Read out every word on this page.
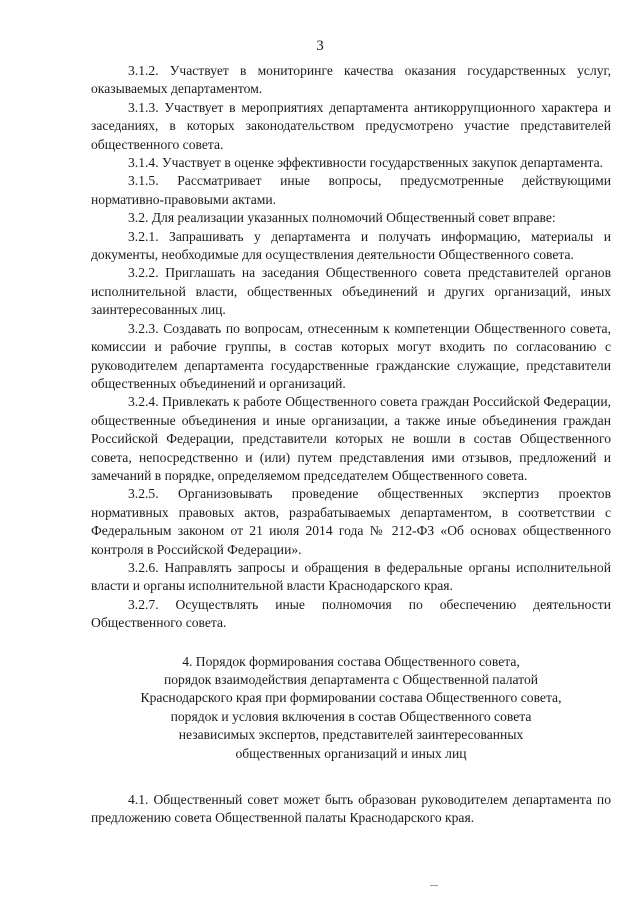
3

3.1.2. Участвует в мониторинге качества оказания государственных услуг, оказываемых департаментом.

3.1.3. Участвует в мероприятиях департамента антикоррупционного характера и заседаниях, в которых законодательством предусмотрено участие представителей общественного совета.

3.1.4. Участвует в оценке эффективности государственных закупок департамента.

3.1.5. Рассматривает иные вопросы, предусмотренные действующими нормативно-правовыми актами.

3.2. Для реализации указанных полномочий Общественный совет вправе:

3.2.1. Запрашивать у департамента и получать информацию, материалы и документы, необходимые для осуществления деятельности Общественного совета.

3.2.2. Приглашать на заседания Общественного совета представителей органов исполнительной власти, общественных объединений и других организаций, иных заинтересованных лиц.

3.2.3. Создавать по вопросам, отнесенным к компетенции Общественного совета, комиссии и рабочие группы, в состав которых могут входить по согласованию с руководителем департамента государственные гражданские служащие, представители общественных объединений и организаций.

3.2.4. Привлекать к работе Общественного совета граждан Российской Федерации, общественные объединения и иные организации, а также иные объединения граждан Российской Федерации, представители которых не вошли в состав Общественного совета, непосредственно и (или) путем представления ими отзывов, предложений и замечаний в порядке, определяемом председателем Общественного совета.

3.2.5. Организовывать проведение общественных экспертиз проектов нормативных правовых актов, разрабатываемых департаментом, в соответствии с Федеральным законом от 21 июля 2014 года № 212-ФЗ «Об основах общественного контроля в Российской Федерации».

3.2.6. Направлять запросы и обращения в федеральные органы исполнительной власти и органы исполнительной власти Краснодарского края.

3.2.7. Осуществлять иные полномочия по обеспечению деятельности Общественного совета.

4. Порядок формирования состава Общественного совета,
порядок взаимодействия департамента с Общественной палатой
Краснодарского края при формировании состава Общественного совета,
порядок и условия включения в состав Общественного совета
независимых экспертов, представителей заинтересованных
общественных организаций и иных лиц

4.1. Общественный совет может быть образован руководителем департамента по предложению совета Общественной палаты Краснодарского края.
